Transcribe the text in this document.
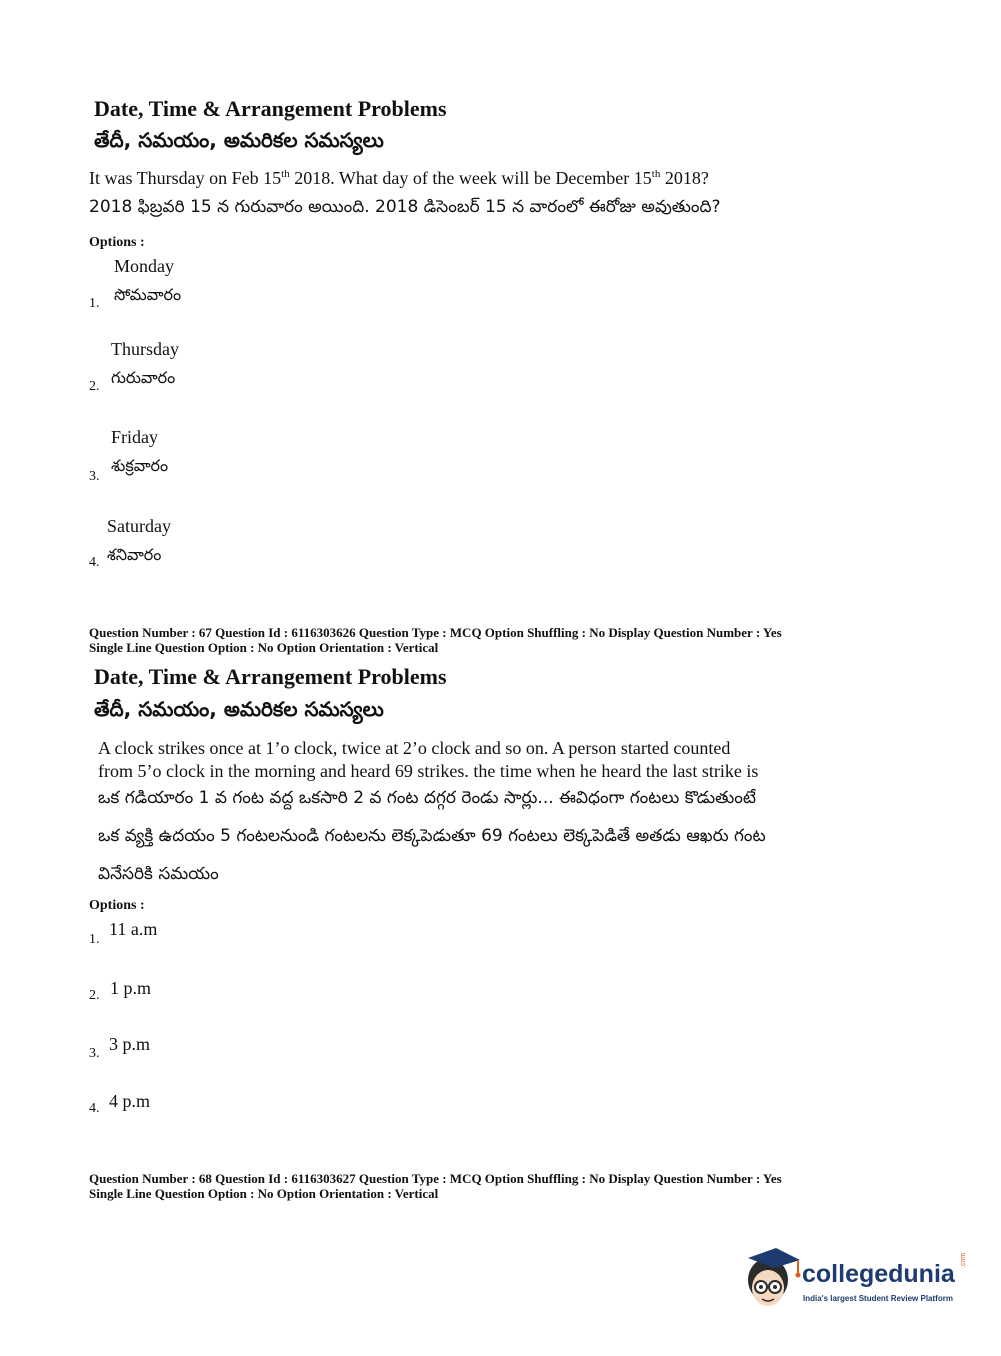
Date, Time & Arrangement Problems
తేదీ, సమయం, అమరికల సమస్యలు
It was Thursday on Feb 15th 2018. What day of the week will be December 15th 2018?
2018 ఫిబ్రవరి 15 న గురువారం అయింది. 2018 డిసెంబర్ 15 న వారంలో ఈరోజు అవుతుంది?
Options :
Monday
సోమవారం
1.
Thursday
గురువారం
2.
Friday
శుక్రవారం
3.
Saturday
శనివారం
4.
Question Number : 67 Question Id : 6116303626 Question Type : MCQ Option Shuffling : No Display Question Number : Yes
Single Line Question Option : No Option Orientation : Vertical
Date, Time & Arrangement Problems
తేదీ, సమయం, అమరికల సమస్యలు
A clock strikes once at 1’o clock, twice at 2’o clock and so on. A person started counted
from 5’o clock in the morning and heard 69 strikes. the time when he heard the last strike is
ఒక గడియారం 1 వ గంట వద్ద ఒకసారి 2 వ గంట దగ్గర రెండు సార్లు... ఈవిధంగా గంటలు కొడుతుంటే
ఒక వ్యక్తి ఉదయం 5 గంటలనుండి గంటలను లెక్కపెడుతూ 69 గంటలు లెక్కపెడితే అతడు ఆఖరు గంట
వినేసరికి సమయం
Options :
1.
11 a.m
2. 1 p.m
3. 3 p.m
4. 4 p.m
Question Number : 68 Question Id : 6116303627 Question Type : MCQ Option Shuffling : No Display Question Number : Yes
Single Line Question Option : No Option Orientation : Vertical
collegedunia .com
India's largest Student Review Platform
